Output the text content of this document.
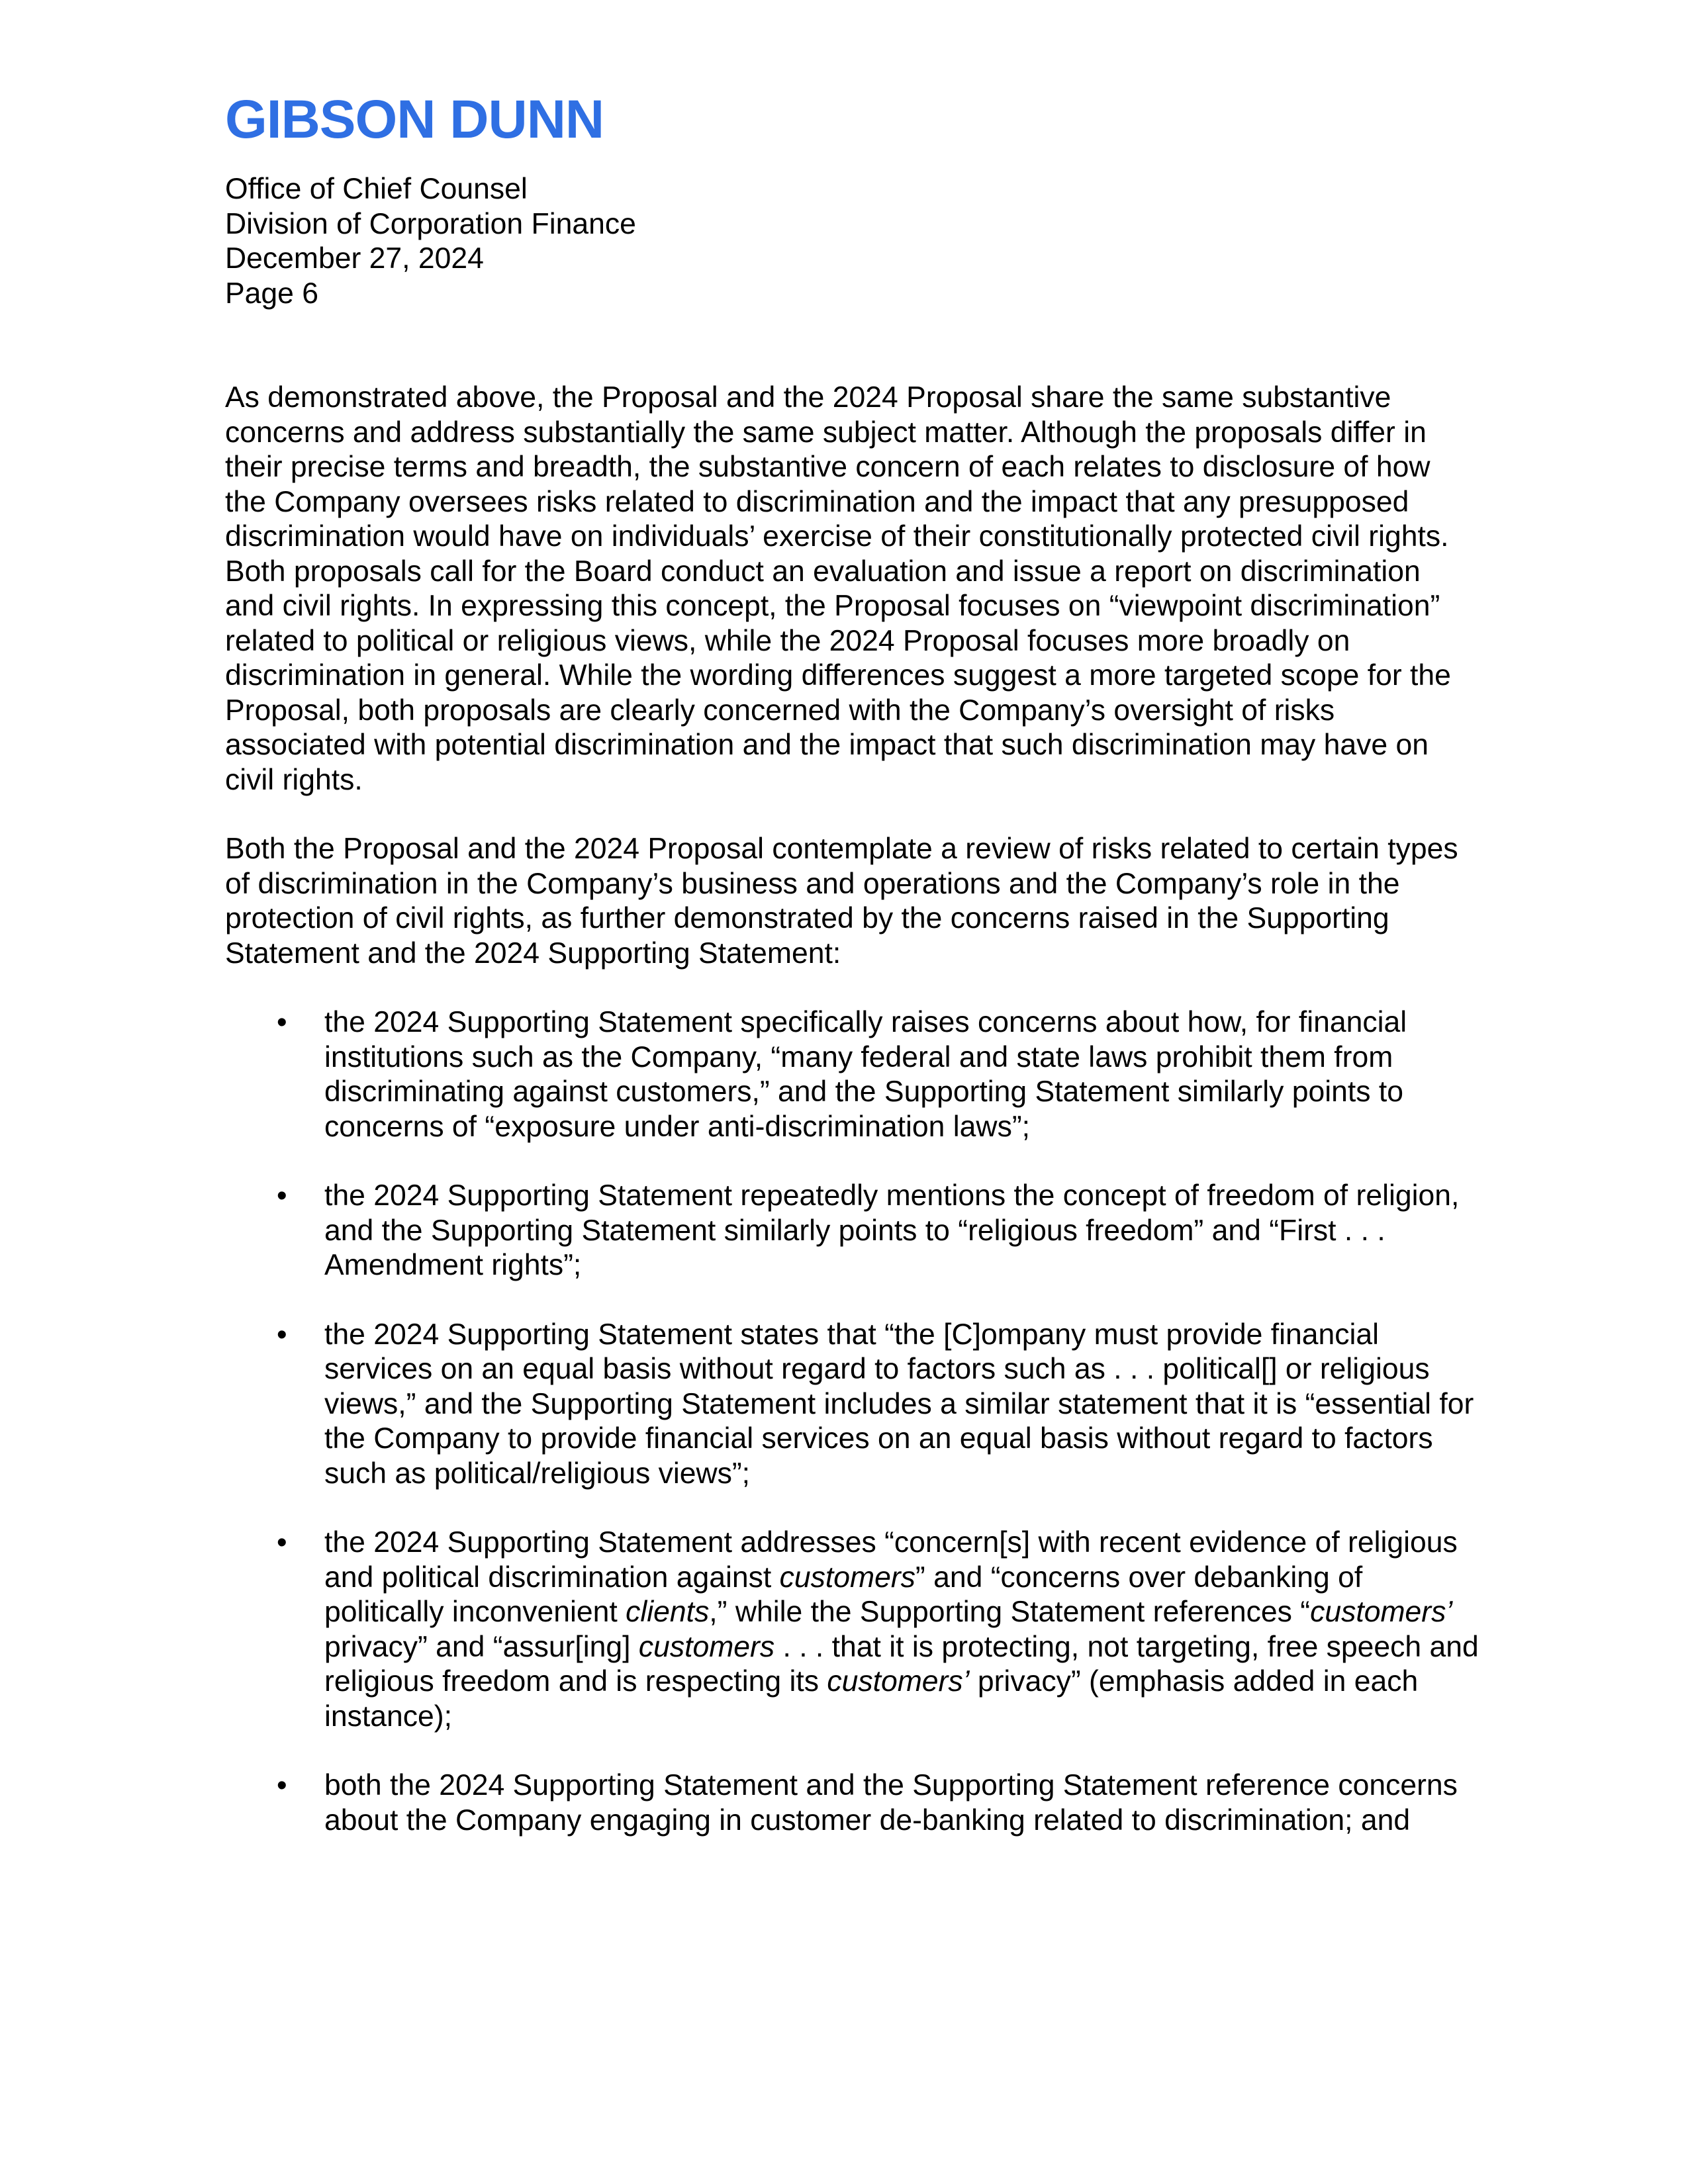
GIBSON DUNN
Office of Chief Counsel
Division of Corporation Finance
December 27, 2024
Page 6

As demonstrated above, the Proposal and the 2024 Proposal share the same substantive concerns and address substantially the same subject matter. Although the proposals differ in their precise terms and breadth, the substantive concern of each relates to disclosure of how the Company oversees risks related to discrimination and the impact that any presupposed discrimination would have on individuals’ exercise of their constitutionally protected civil rights. Both proposals call for the Board conduct an evaluation and issue a report on discrimination and civil rights. In expressing this concept, the Proposal focuses on “viewpoint discrimination” related to political or religious views, while the 2024 Proposal focuses more broadly on discrimination in general. While the wording differences suggest a more targeted scope for the Proposal, both proposals are clearly concerned with the Company’s oversight of risks associated with potential discrimination and the impact that such discrimination may have on civil rights.

Both the Proposal and the 2024 Proposal contemplate a review of risks related to certain types of discrimination in the Company’s business and operations and the Company’s role in the protection of civil rights, as further demonstrated by the concerns raised in the Supporting Statement and the 2024 Supporting Statement:

• the 2024 Supporting Statement specifically raises concerns about how, for financial institutions such as the Company, “many federal and state laws prohibit them from discriminating against customers,” and the Supporting Statement similarly points to concerns of “exposure under anti-discrimination laws”;
• the 2024 Supporting Statement repeatedly mentions the concept of freedom of religion, and the Supporting Statement similarly points to “religious freedom” and “First . . . Amendment rights”;
• the 2024 Supporting Statement states that “the [C]ompany must provide financial services on an equal basis without regard to factors such as . . . political[] or religious views,” and the Supporting Statement includes a similar statement that it is “essential for the Company to provide financial services on an equal basis without regard to factors such as political/religious views”;
• the 2024 Supporting Statement addresses “concern[s] with recent evidence of religious and political discrimination against customers” and “concerns over debanking of politically inconvenient clients,” while the Supporting Statement references “customers’ privacy” and “assur[ing] customers . . . that it is protecting, not targeting, free speech and religious freedom and is respecting its customers’ privacy” (emphasis added in each instance);
• both the 2024 Supporting Statement and the Supporting Statement reference concerns about the Company engaging in customer de-banking related to discrimination; and
